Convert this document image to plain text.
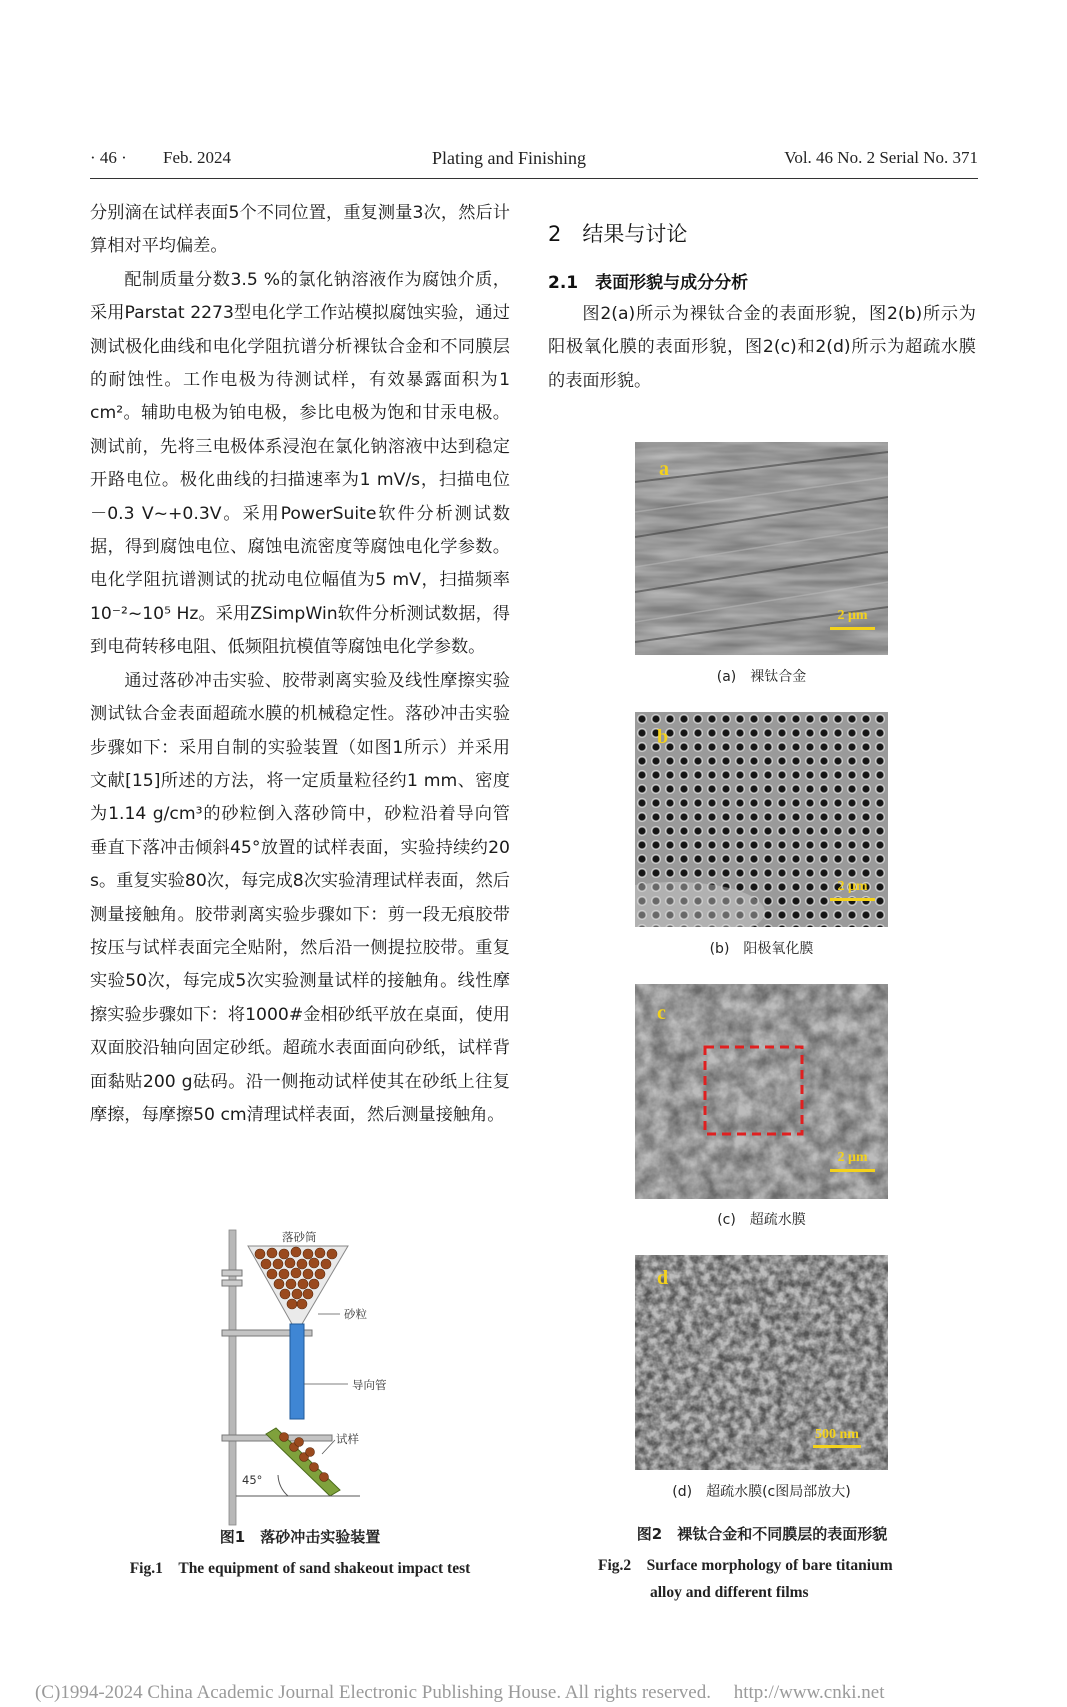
· 46 · Feb. 2024	Plating and Finishing	Vol. 46 No. 2 Serial No. 371

分别滴在试样表面5个不同位置，重复测量3次，然后计算相对平均偏差。

配制质量分数3.5 %的氯化钠溶液作为腐蚀介质，采用Parstat 2273型电化学工作站模拟腐蚀实验，通过测试极化曲线和电化学阻抗谱分析裸钛合金和不同膜层的耐蚀性。工作电极为待测试样，有效暴露面积为1 cm²。辅助电极为铂电极，参比电极为饱和甘汞电极。测试前，先将三电极体系浸泡在氯化钠溶液中达到稳定开路电位。极化曲线的扫描速率为1 mV/s，扫描电位－0.3 V~+0.3V。采用PowerSuite软件分析测试数据，得到腐蚀电位、腐蚀电流密度等腐蚀电化学参数。电化学阻抗谱测试的扰动电位幅值为5 mV，扫描频率10⁻²~10⁵ Hz。采用ZSimpWin软件分析测试数据，得到电荷转移电阻、低频阻抗模值等腐蚀电化学参数。

通过落砂冲击实验、胶带剥离实验及线性摩擦实验测试钛合金表面超疏水膜的机械稳定性。落砂冲击实验步骤如下：采用自制的实验装置（如图1所示）并采用文献[15]所述的方法，将一定质量粒径约1 mm、密度为1.14 g/cm³的砂粒倒入落砂筒中，砂粒沿着导向管垂直下落冲击倾斜45°放置的试样表面，实验持续约20 s。重复实验80次，每完成8次实验清理试样表面，然后测量接触角。胶带剥离实验步骤如下：剪一段无痕胶带按压与试样表面完全贴附，然后沿一侧提拉胶带。重复实验50次，每完成5次实验测量试样的接触角。线性摩擦实验步骤如下：将1000#金相砂纸平放在桌面，使用双面胶沿轴向固定砂纸。超疏水表面面向砂纸，试样背面黏贴200 g砝码。沿一侧拖动试样使其在砂纸上往复摩擦，每摩擦50 cm清理试样表面，然后测量接触角。

落砂筒
砂粒
导向管
试样
45°
图1　落砂冲击实验装置
Fig.1　The equipment of sand shakeout impact test
2　结果与讨论
2.1　表面形貌与成分分析

图2(a)所示为裸钛合金的表面形貌，图2(b)所示为阳极氧化膜的表面形貌，图2(c)和2(d)所示为超疏水膜的表面形貌。

a
2 μm
(a)　裸钛合金
b
2 μm
(b)　阳极氧化膜
c
2 μm
(c)　超疏水膜
d
500 nm
(d)　超疏水膜(c图局部放大)
图2　裸钛合金和不同膜层的表面形貌
Fig.2　Surface morphology of bare titanium
alloy and different films
(C)1994-2024 China Academic Journal Electronic Publishing House. All rights reserved. http://www.cnki.net
